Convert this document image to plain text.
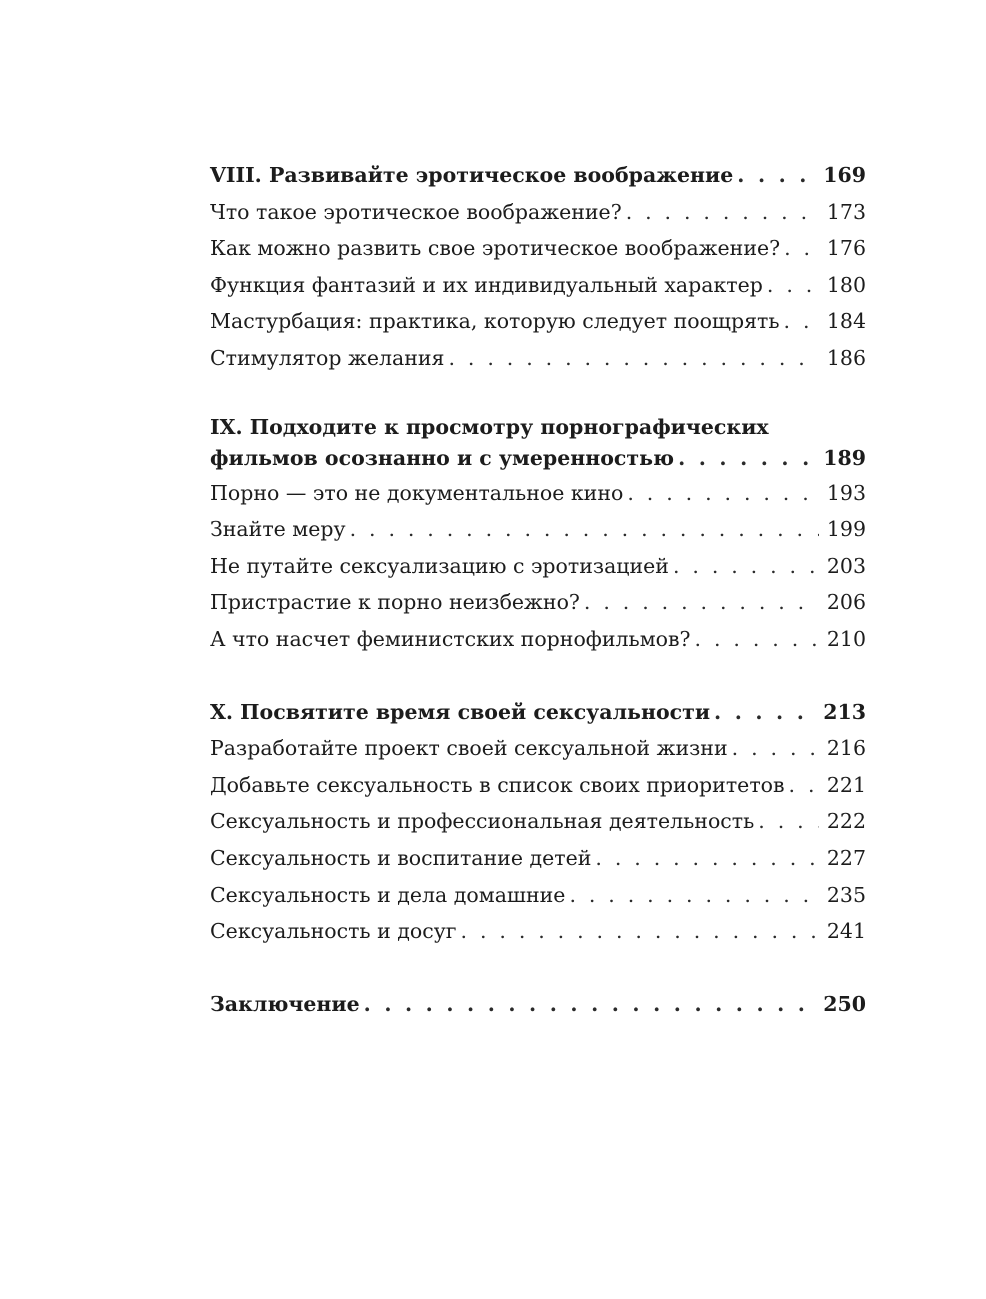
VIII. Развивайте эротическое воображение . . .	169
Что такое эротическое воображение? . . .	173
Как можно развить свое эротическое воображение? . . . 176
Функция фантазий и их индивидуальный характер . . .	180
Мастурбация: практика, которую следует поощрять . . . 184
Стимулятор желания . . .	186
IX. Подходите к просмотру порнографических
фильмов осознанно и с умеренностью . . .	189
Порно — это не документальное кино . . .	193
Знайте меру . . .	199
Не путайте сексуализацию с эротизацией . . .	203
Пристрастие к порно неизбежно? . . .	206
А что насчет феминистских порнофильмов? . . .	210
X. Посвятите время своей сексуальности . . .	213
Разработайте проект своей сексуальной жизни . . .	216
Добавьте сексуальность в список своих приоритетов . . . 221
Сексуальность и профессиональная деятельность . . .	222
Сексуальность и воспитание детей . . .	227
Сексуальность и дела домашние . . .	235
Сексуальность и досуг . . .	241
Заключение . . .	250
